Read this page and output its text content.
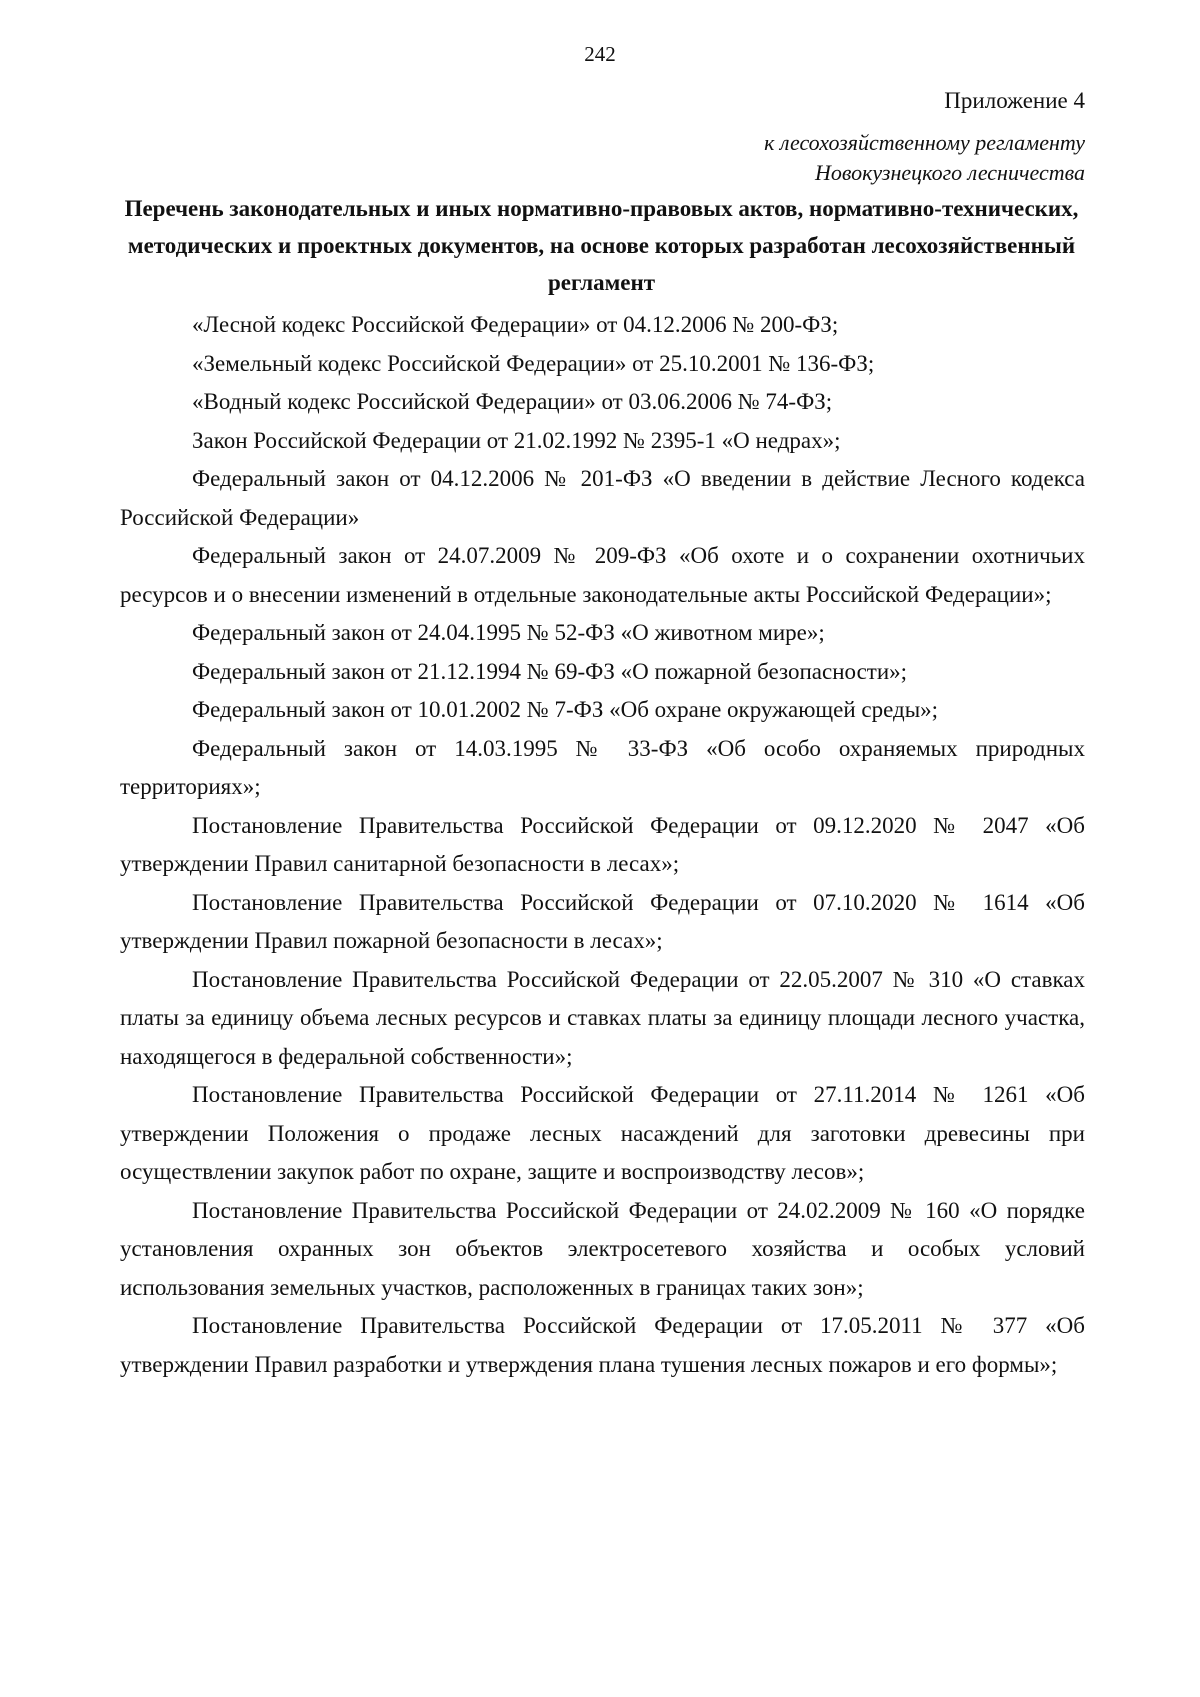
242
Приложение 4
к лесохозяйственному регламенту
Новокузнецкого лесничества
Перечень законодательных и иных нормативно-правовых актов, нормативно-технических, методических и проектных документов, на основе которых разработан лесохозяйственный регламент

«Лесной кодекс Российской Федерации» от 04.12.2006 № 200-ФЗ;

«Земельный кодекс Российской Федерации» от 25.10.2001 № 136-ФЗ;

«Водный кодекс Российской Федерации» от 03.06.2006 № 74-ФЗ;

Закон Российской Федерации от 21.02.1992 № 2395-1 «О недрах»;

Федеральный закон от 04.12.2006 № 201-ФЗ «О введении в действие Лесного кодекса Российской Федерации»

Федеральный закон от 24.07.2009 № 209-ФЗ «Об охоте и о сохранении охотничьих ресурсов и о внесении изменений в отдельные законодательные акты Российской Федерации»;

Федеральный закон от 24.04.1995 № 52-ФЗ «О животном мире»;

Федеральный закон от 21.12.1994 № 69-ФЗ «О пожарной безопасности»;

Федеральный закон от 10.01.2002 № 7-ФЗ «Об охране окружающей среды»;

Федеральный закон от 14.03.1995 № 33-ФЗ «Об особо охраняемых природных территориях»;

Постановление Правительства Российской Федерации от 09.12.2020 № 2047 «Об утверждении Правил санитарной безопасности в лесах»;

Постановление Правительства Российской Федерации от 07.10.2020 № 1614 «Об утверждении Правил пожарной безопасности в лесах»;

Постановление Правительства Российской Федерации от 22.05.2007 № 310 «О ставках платы за единицу объема лесных ресурсов и ставках платы за единицу площади лесного участка, находящегося в федеральной собственности»;

Постановление Правительства Российской Федерации от 27.11.2014 № 1261 «Об утверждении Положения о продаже лесных насаждений для заготовки древесины при осуществлении закупок работ по охране, защите и воспроизводству лесов»;

Постановление Правительства Российской Федерации от 24.02.2009 № 160 «О порядке установления охранных зон объектов электросетевого хозяйства и особых условий использования земельных участков, расположенных в границах таких зон»;

Постановление Правительства Российской Федерации от 17.05.2011 № 377 «Об утверждении Правил разработки и утверждения плана тушения лесных пожаров и его формы»;
